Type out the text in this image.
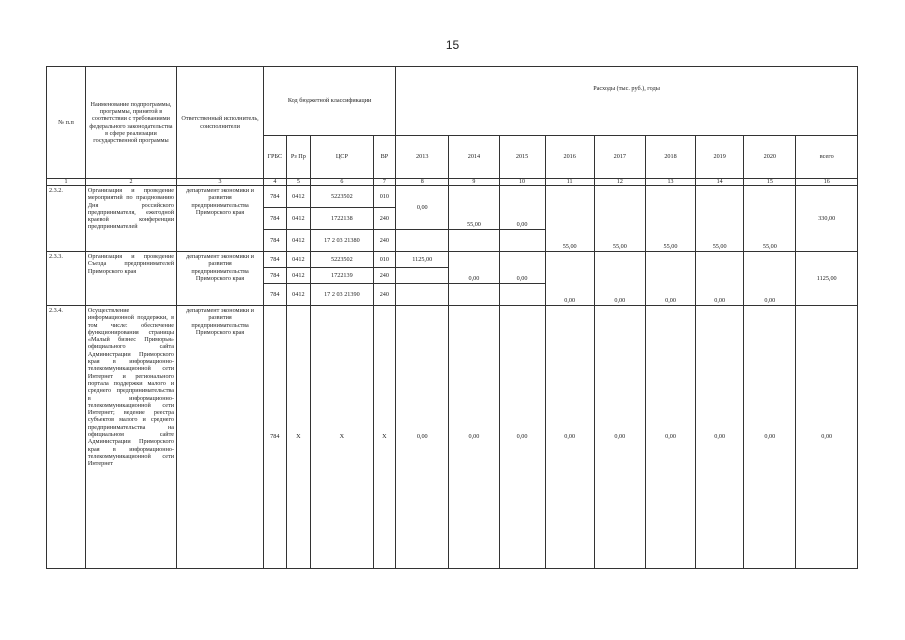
15
№ п.п	Наименование подпрограммы, программы, принятой в соответствии с требованиями федерального законодательства в сфере реализации государственной программы	Ответственный исполнитель, соисполнители	Код бюджетной классификации				Расходы (тыс. руб.), годы								
			ГРБС	Рз Пр	ЦСР	ВР	2013	2014	2015	2016	2017	2018	2019	2020	всего
1	2	3	4	5	6	7	8	9	10	11	12	13	14	15	16
2.3.2.	Организация и проведение мероприятий по празднованию Дня российского предпринимателя, ежегодной краевой конференции предпринимателей	департамент экономики и развития предпринимательства Приморского края	784	0412	5223502	010	0,00	55,00	0,00	55,00	55,00	55,00	55,00	55,00	330,00
			784	0412	1722138	240									
			784	0412	17 2 03 21380	240									
2.3.3.	Организация и проведение Съезда предпринимателей Приморского края	департамент экономики и развития предпринимательства Приморского края	784	0412	5223502	010	1125,00	0,00	0,00	0,00	0,00	0,00	0,00	0,00	1125,00
			784	0412	1722139	240									
			784	0412	17 2 03 21390	240									
2.3.4.	Осуществление информационной поддержки, в том числе: обеспечение функционирования страницы «Малый бизнес Приморья» официального сайта Администрации Приморского края в информационно-телекоммуникационной сети Интернет и регионального портала поддержки малого и среднего предпринимательства в информационно-телекоммуникационной сети Интернет; ведение реестра субъектов малого и среднего предпринимательства на официальном сайте Администрации Приморского края в информационно-телекоммуникационной сети Интернет	департамент экономики и развития предпринимательства Приморского края	784	Х	Х	Х	0,00	0,00	0,00	0,00	0,00	0,00	0,00	0,00	0,00
